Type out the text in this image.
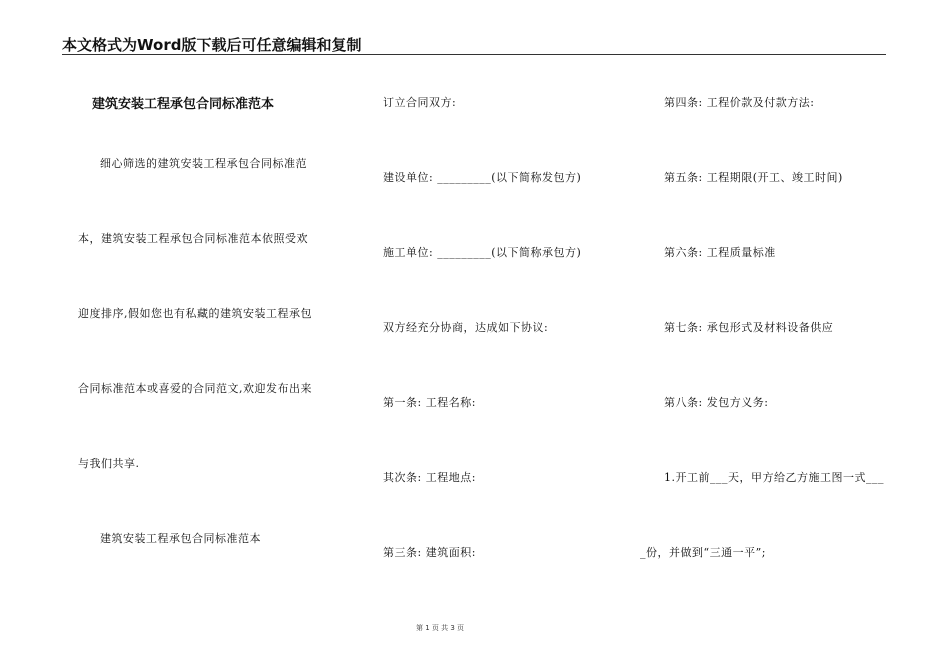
本文格式为Word版下载后可任意编辑和复制
建筑安装工程承包合同标准范本
细心筛选的建筑安装工程承包合同标准范
本，建筑安装工程承包合同标准范本依照受欢
迎度排序,假如您也有私藏的建筑安装工程承包
合同标准范本或喜爱的合同范文,欢迎发布出来
与我们共享.
建筑安装工程承包合同标准范本
订立合同双方:
建设单位: _________(以下简称发包方)
施工单位: _________(以下简称承包方)
双方经充分协商，达成如下协议:
第一条: 工程名称:
其次条: 工程地点:
第三条: 建筑面积:
第四条: 工程价款及付款方法:
第五条: 工程期限(开工、竣工时间)
第六条: 工程质量标准
第七条: 承包形式及材料设备供应
第八条: 发包方义务:
1.开工前___天，甲方给乙方施工图一式___
_份，并做到“三通一平”;
第 1 页 共 3 页
